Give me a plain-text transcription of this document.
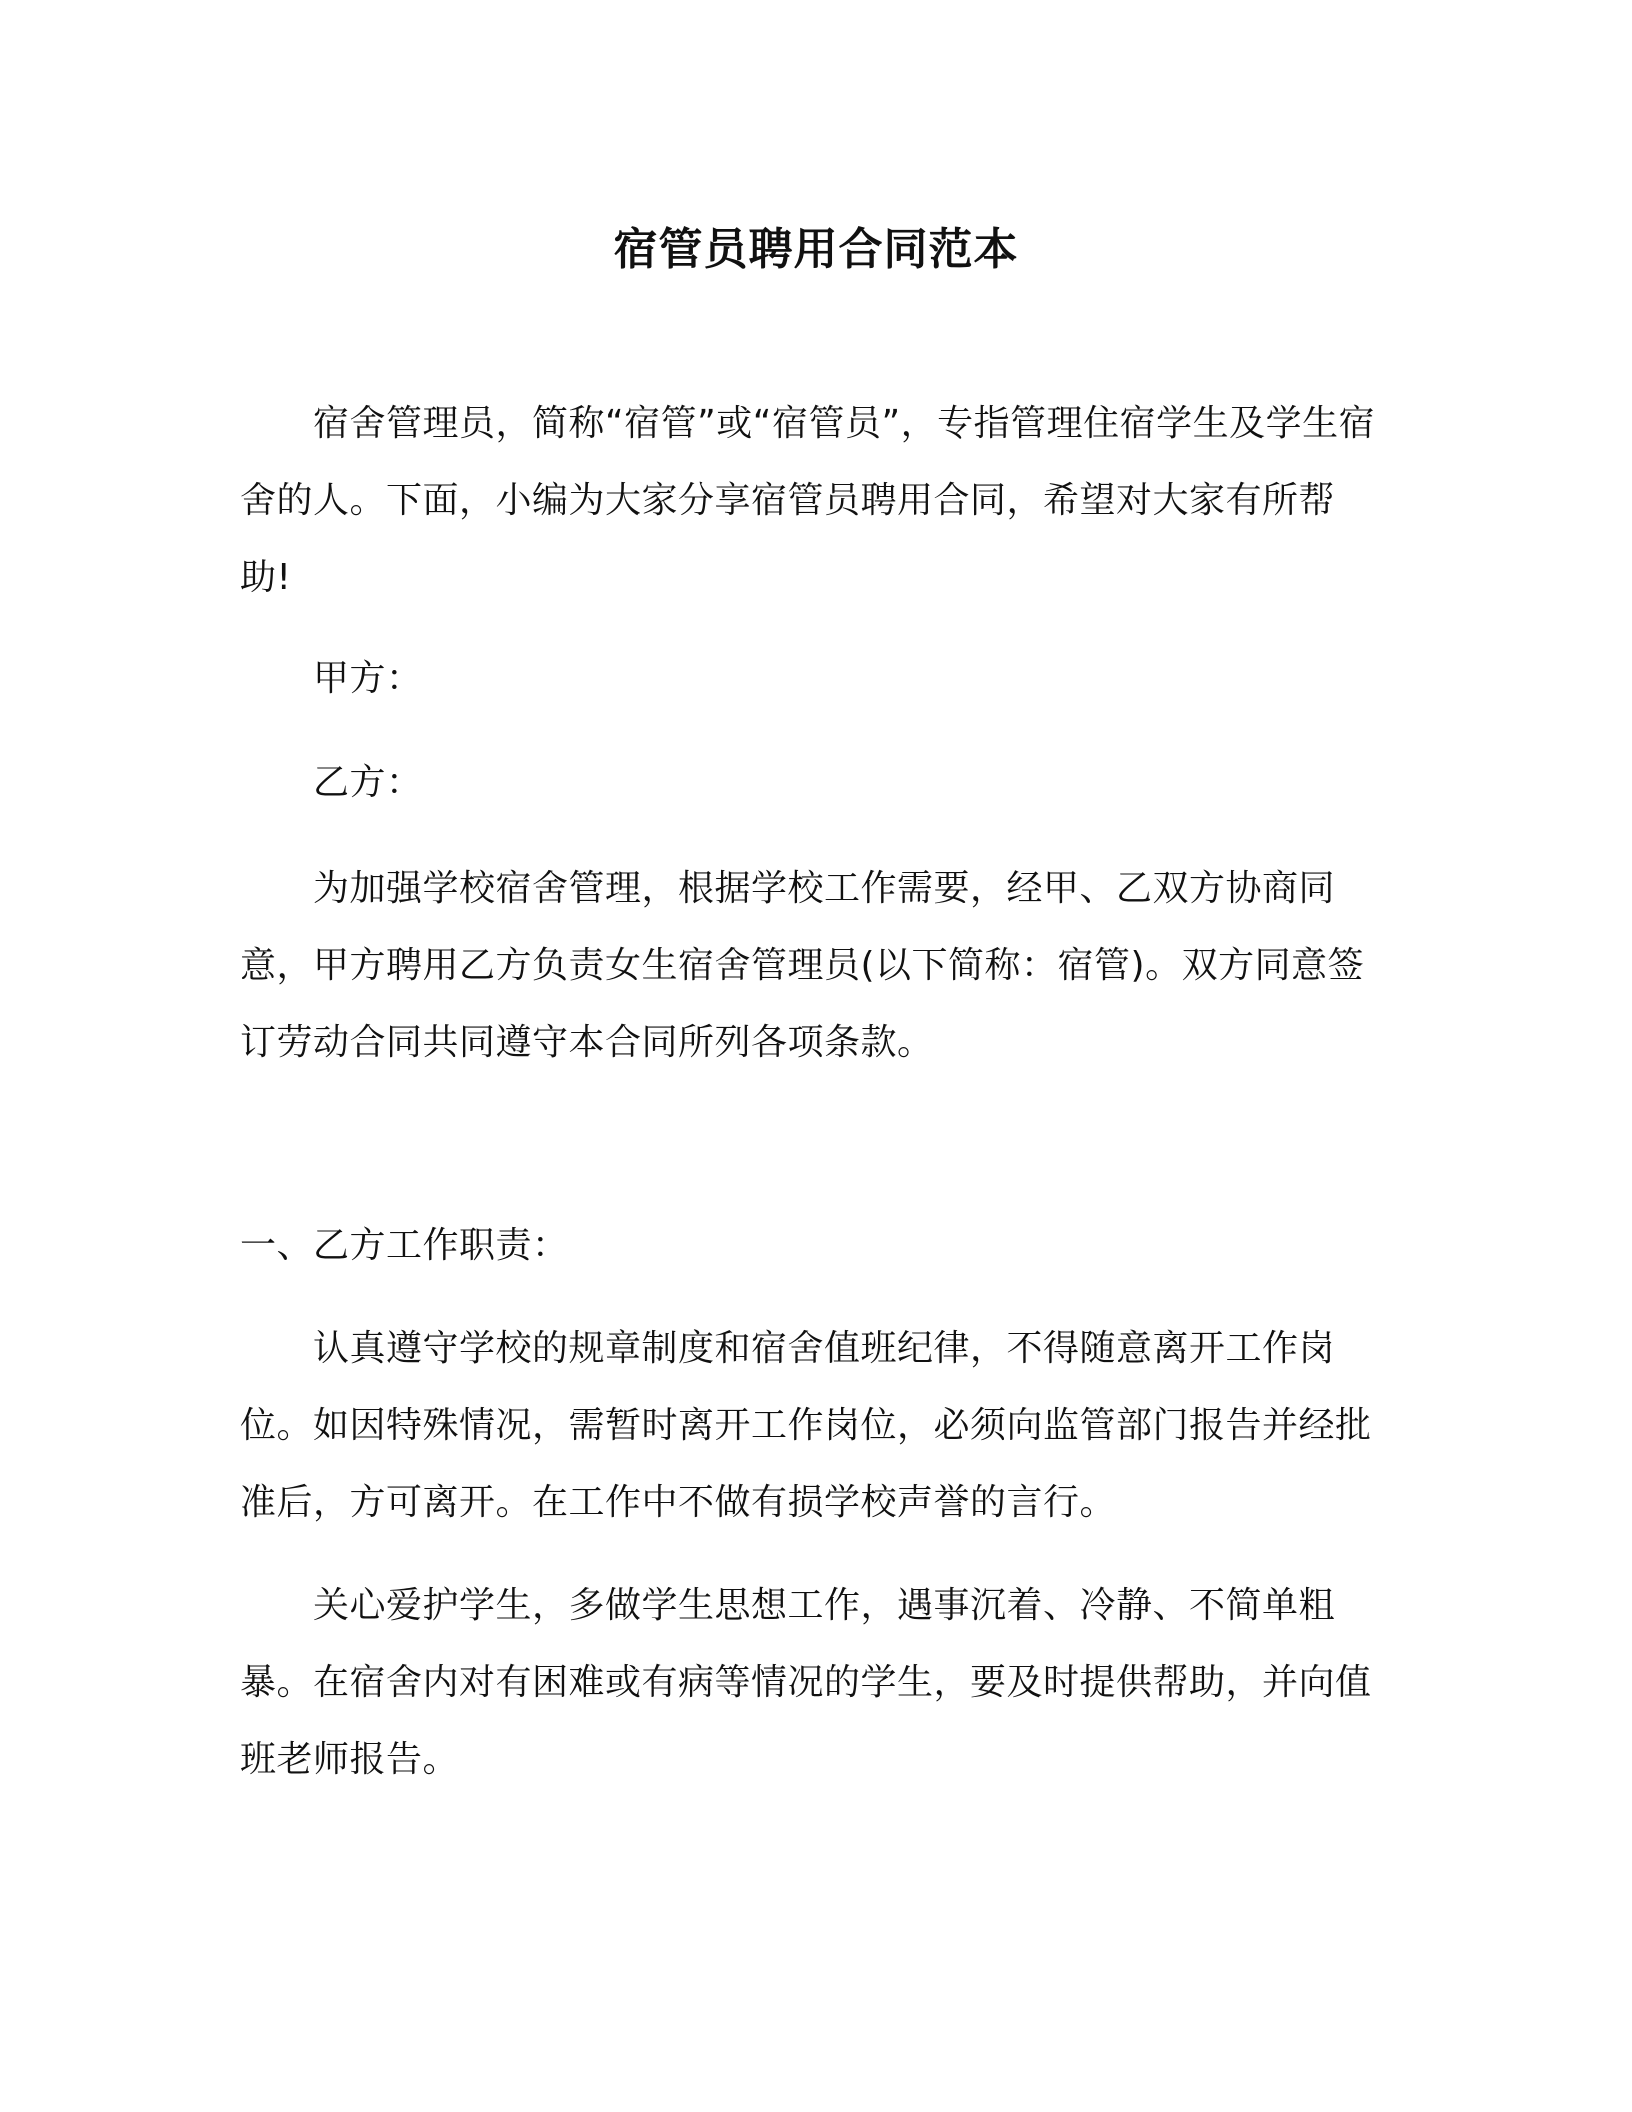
宿管员聘用合同范本
宿舍管理员，简称“宿管”或“宿管员”，专指管理住宿学生及学生宿舍的人。下面，小编为大家分享宿管员聘用合同，希望对大家有所帮助!
甲方：
乙方：
为加强学校宿舍管理，根据学校工作需要，经甲、乙双方协商同意，甲方聘用乙方负责女生宿舍管理员(以下简称：宿管)。双方同意签订劳动合同共同遵守本合同所列各项条款。
一、乙方工作职责：
认真遵守学校的规章制度和宿舍值班纪律，不得随意离开工作岗位。如因特殊情况，需暂时离开工作岗位，必须向监管部门报告并经批准后，方可离开。在工作中不做有损学校声誉的言行。
关心爱护学生，多做学生思想工作，遇事沉着、冷静、不简单粗暴。在宿舍内对有困难或有病等情况的学生，要及时提供帮助，并向值班老师报告。
